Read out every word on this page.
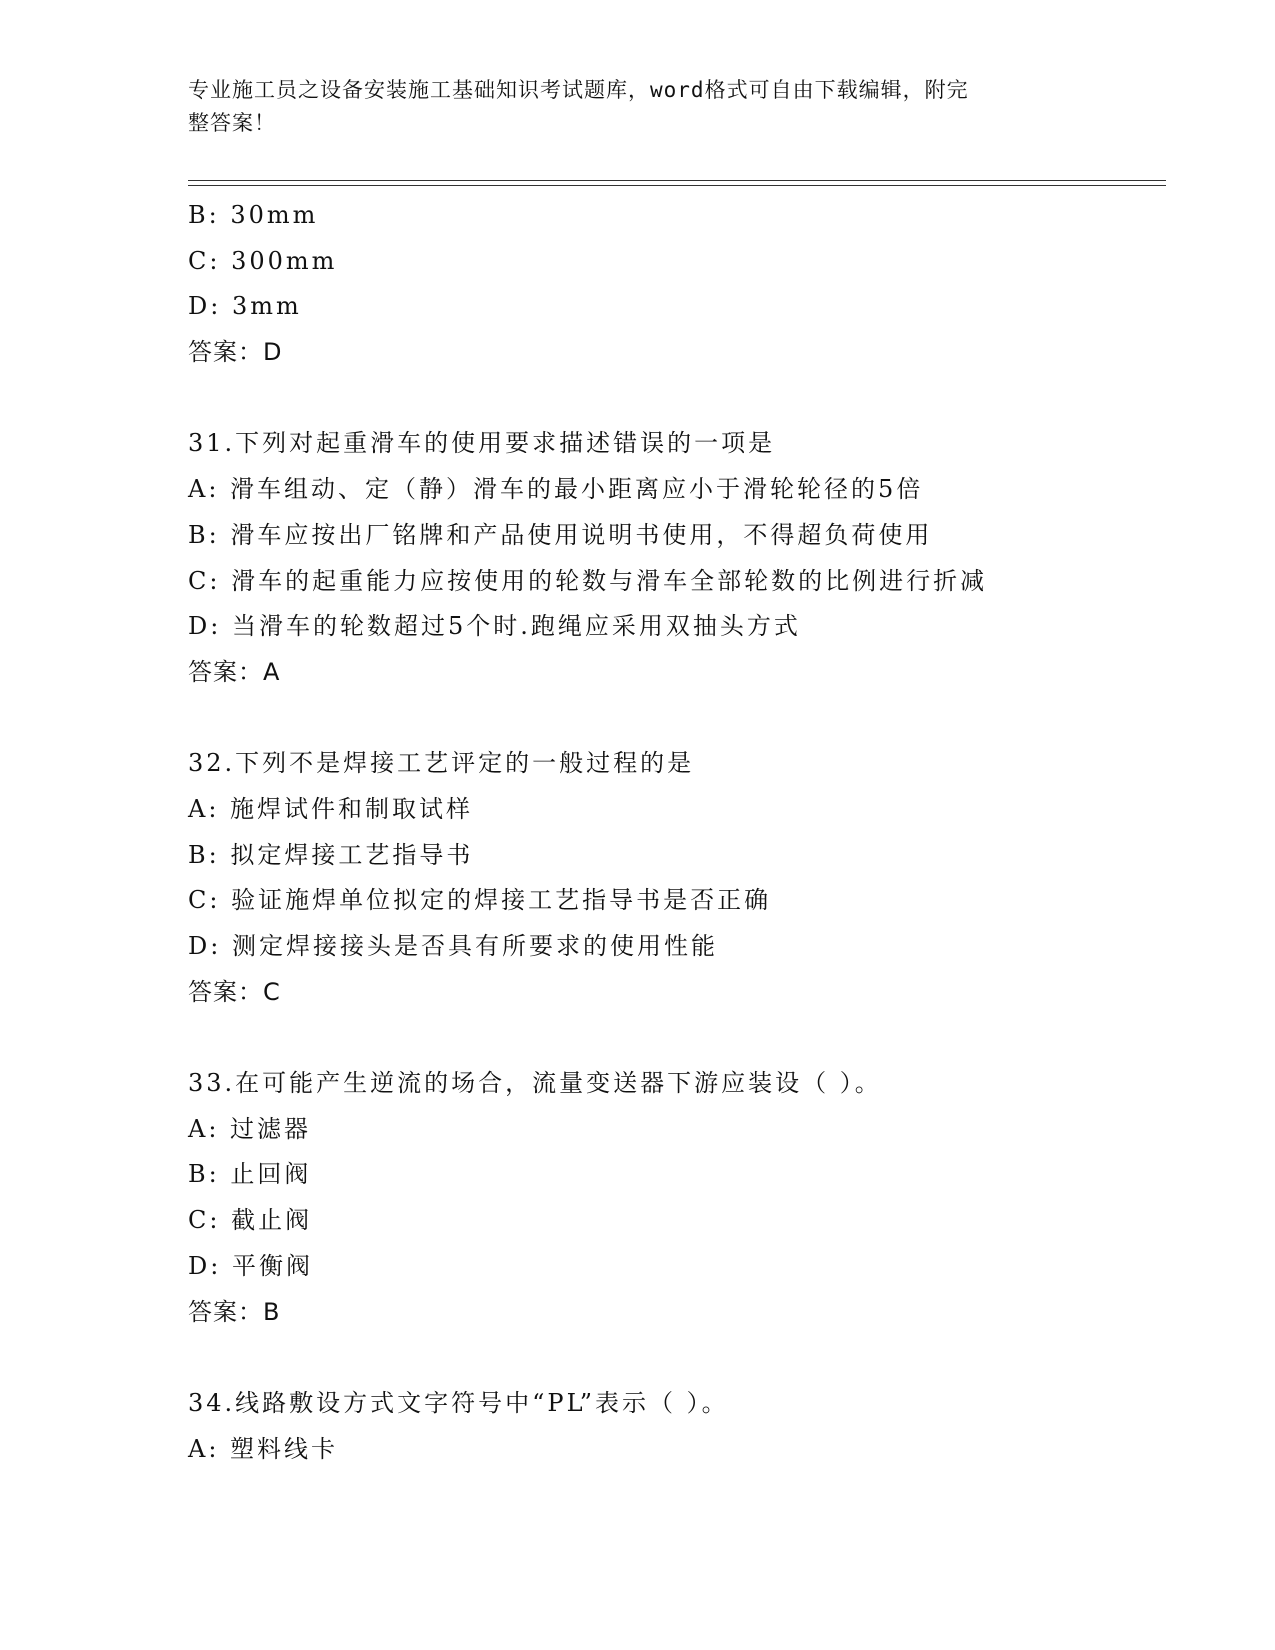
专业施工员之设备安装施工基础知识考试题库，word格式可自由下载编辑，附完
整答案！
B: 30mm
C: 300mm
D: 3mm
答案：D
31.下列对起重滑车的使用要求描述错误的一项是
A: 滑车组动、定（静）滑车的最小距离应小于滑轮轮径的5倍
B: 滑车应按出厂铭牌和产品使用说明书使用，不得超负荷使用
C: 滑车的起重能力应按使用的轮数与滑车全部轮数的比例进行折减
D: 当滑车的轮数超过5个时.跑绳应采用双抽头方式
答案：A
32.下列不是焊接工艺评定的一般过程的是
A: 施焊试件和制取试样
B: 拟定焊接工艺指导书
C: 验证施焊单位拟定的焊接工艺指导书是否正确
D: 测定焊接接头是否具有所要求的使用性能
答案：C
33.在可能产生逆流的场合，流量变送器下游应装设（ ）。
A: 过滤器
B: 止回阀
C: 截止阀
D: 平衡阀
答案：B
34.线路敷设方式文字符号中“PL”表示（ ）。
A: 塑料线卡
